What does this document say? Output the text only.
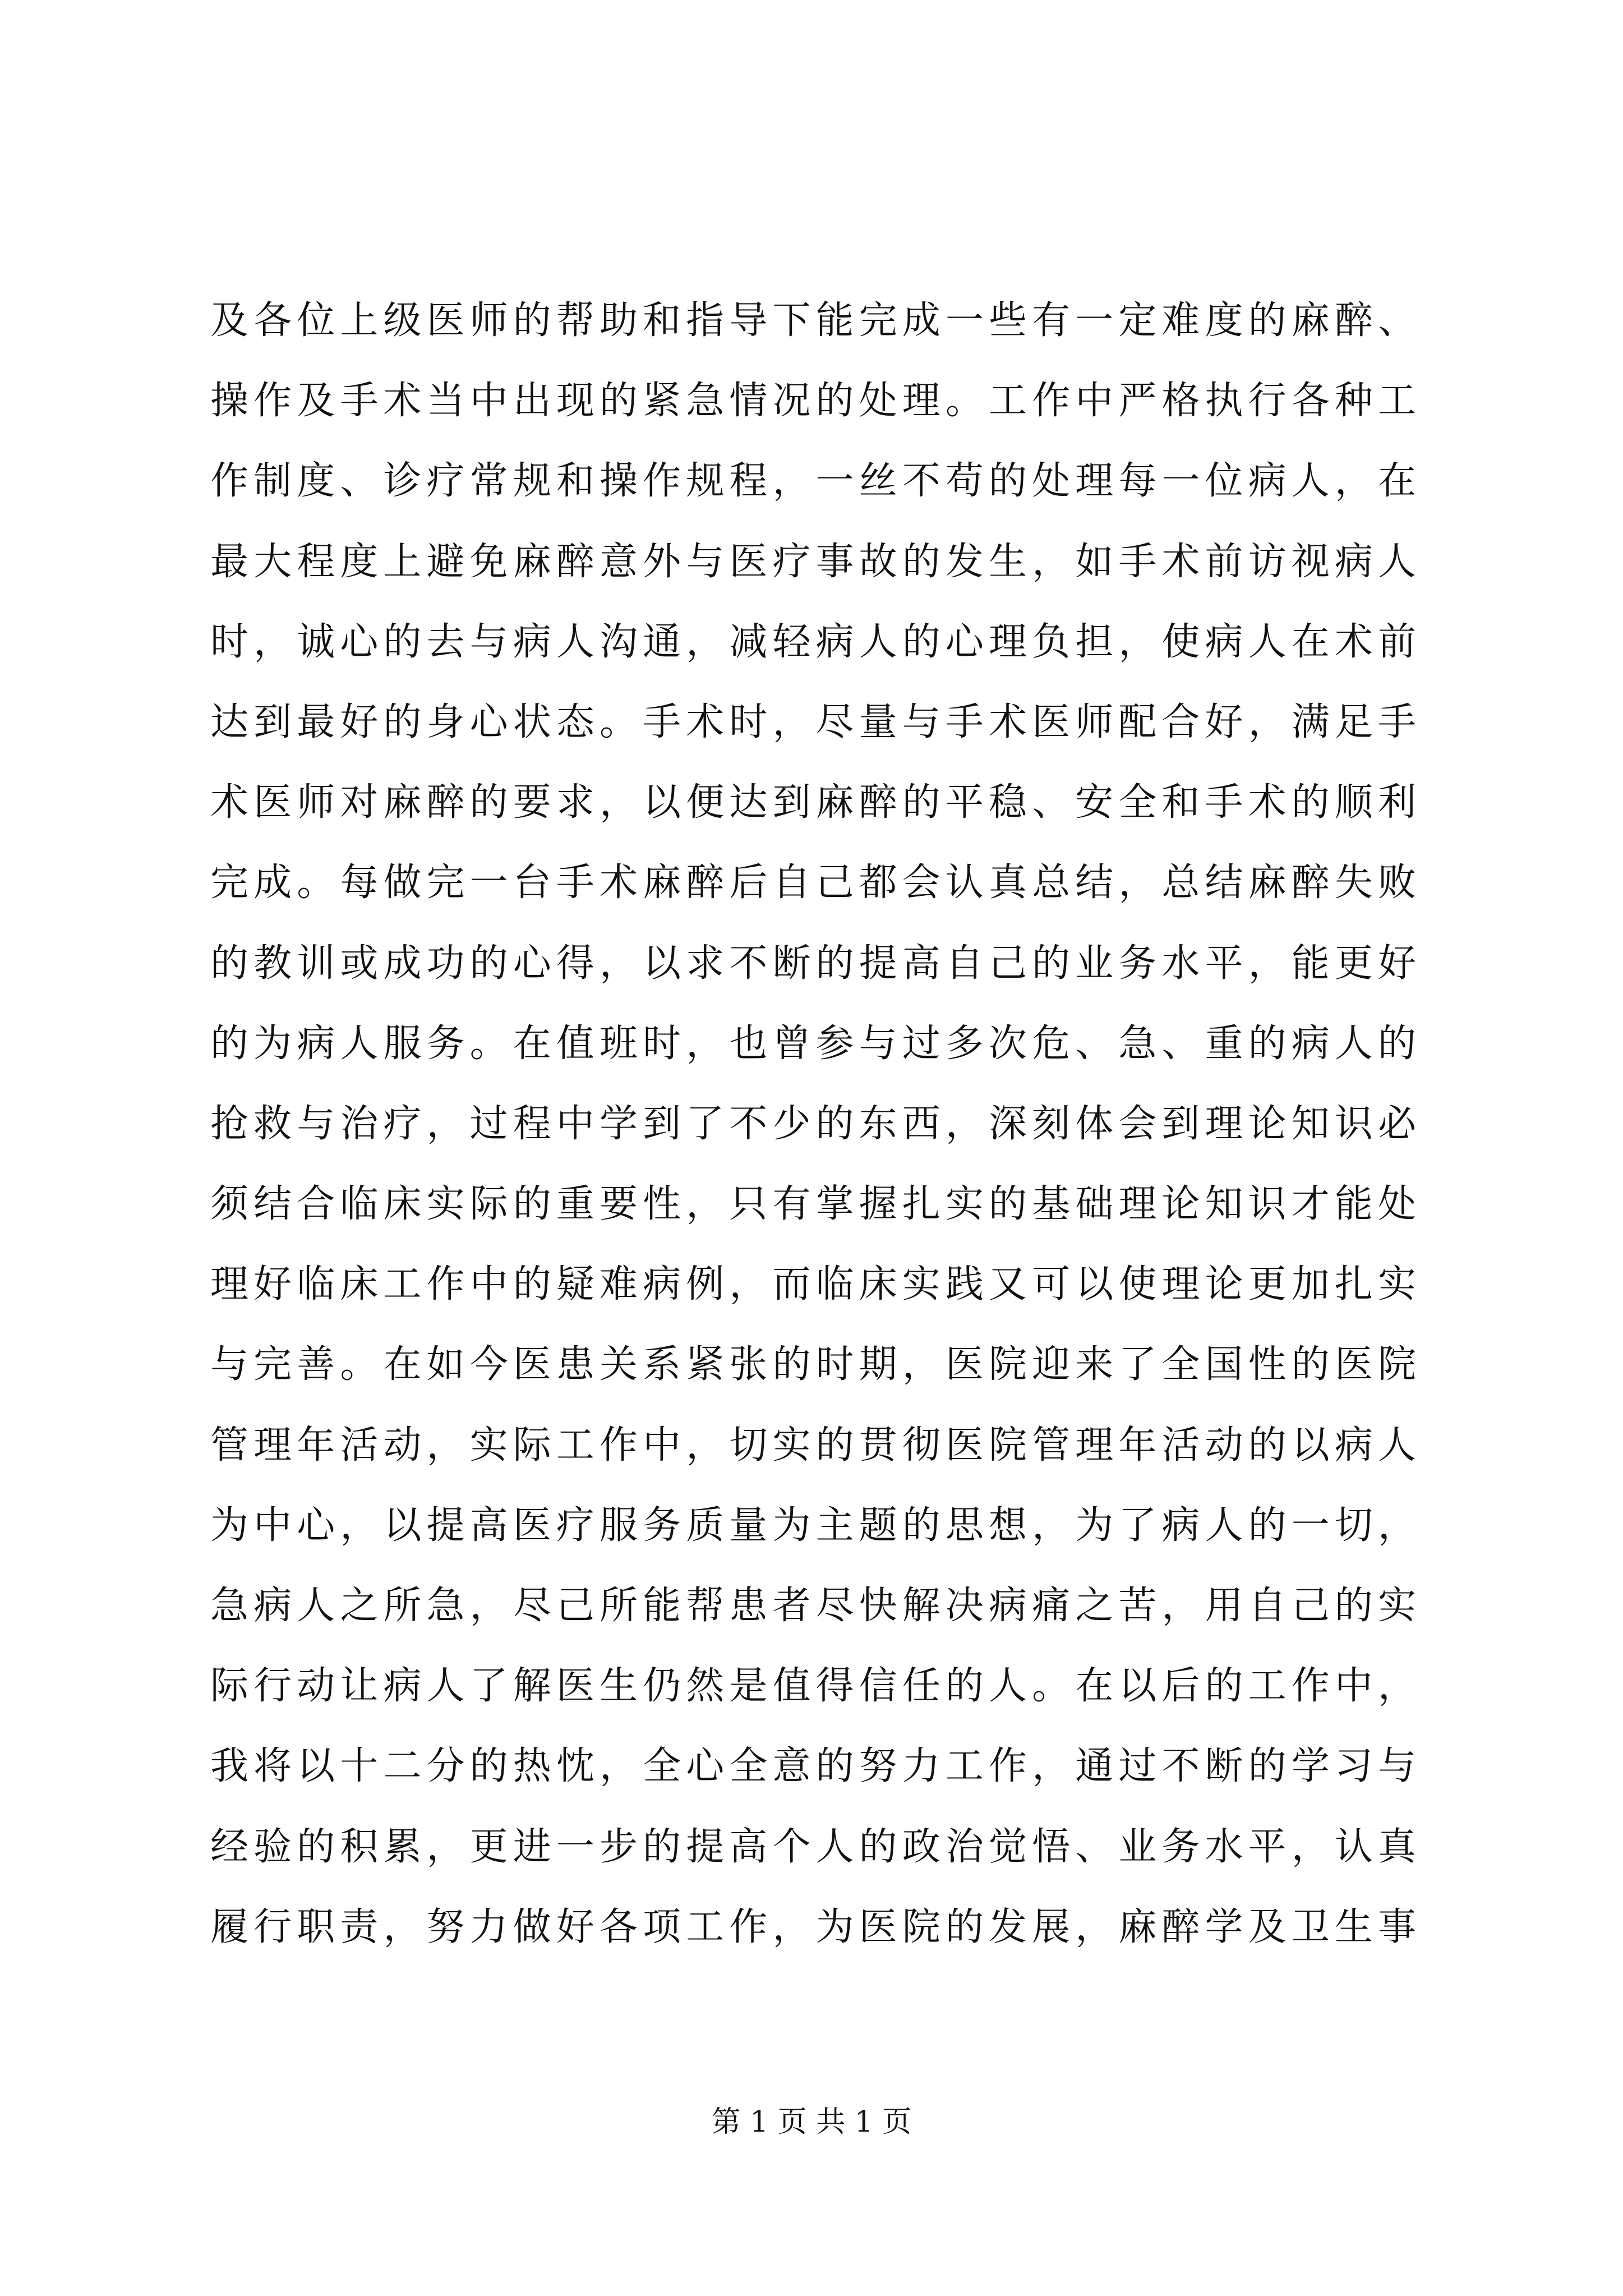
及各位上级医师的帮助和指导下能完成一些有一定难度的麻醉、
操作及手术当中出现的紧急情况的处理。工作中严格执行各种工
作制度、诊疗常规和操作规程，一丝不苟的处理每一位病人，在
最大程度上避免麻醉意外与医疗事故的发生，如手术前访视病人
时，诚心的去与病人沟通，减轻病人的心理负担，使病人在术前
达到最好的身心状态。手术时，尽量与手术医师配合好，满足手
术医师对麻醉的要求，以便达到麻醉的平稳、安全和手术的顺利
完成。每做完一台手术麻醉后自己都会认真总结，总结麻醉失败
的教训或成功的心得，以求不断的提高自己的业务水平，能更好
的为病人服务。在值班时，也曾参与过多次危、急、重的病人的
抢救与治疗，过程中学到了不少的东西，深刻体会到理论知识必
须结合临床实际的重要性，只有掌握扎实的基础理论知识才能处
理好临床工作中的疑难病例，而临床实践又可以使理论更加扎实
与完善。在如今医患关系紧张的时期，医院迎来了全国性的医院
管理年活动，实际工作中，切实的贯彻医院管理年活动的以病人
为中心，以提高医疗服务质量为主题的思想，为了病人的一切，
急病人之所急，尽己所能帮患者尽快解决病痛之苦，用自己的实
际行动让病人了解医生仍然是值得信任的人。在以后的工作中，
我将以十二分的热忱，全心全意的努力工作，通过不断的学习与
经验的积累，更进一步的提高个人的政治觉悟、业务水平，认真
履行职责，努力做好各项工作，为医院的发展，麻醉学及卫生事
第 1 页 共 1 页
